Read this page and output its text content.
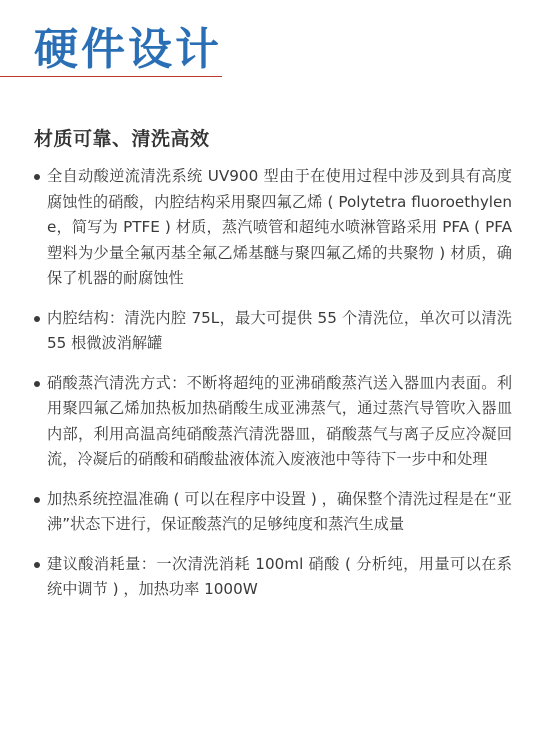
硬件设计
材质可靠、清洗高效
全自动酸逆流清洗系统 UV900 型由于在使用过程中涉及到具有高度腐蚀性的硝酸，内腔结构采用聚四氟乙烯 ( Polytetra fluoroethylene，简写为 PTFE ) 材质，蒸汽喷管和超纯水喷淋管路采用 PFA ( PFA 塑料为少量全氟丙基全氟乙烯基醚与聚四氟乙烯的共聚物 ) 材质，确保了机器的耐腐蚀性
内腔结构：清洗内腔 75L，最大可提供 55 个清洗位，单次可以清洗 55 根微波消解罐
硝酸蒸汽清洗方式：不断将超纯的亚沸硝酸蒸汽送入器皿内表面。利用聚四氟乙烯加热板加热硝酸生成亚沸蒸气，通过蒸汽导管吹入器皿内部，利用高温高纯硝酸蒸汽清洗器皿，硝酸蒸气与离子反应冷凝回流，冷凝后的硝酸和硝酸盐液体流入废液池中等待下一步中和处理
加热系统控温准确 ( 可以在程序中设置 ) ，确保整个清洗过程是在“亚沸”状态下进行，保证酸蒸汽的足够纯度和蒸汽生成量
建议酸消耗量：一次清洗消耗 100ml 硝酸 ( 分析纯，用量可以在系统中调节 ) ，加热功率 1000W
